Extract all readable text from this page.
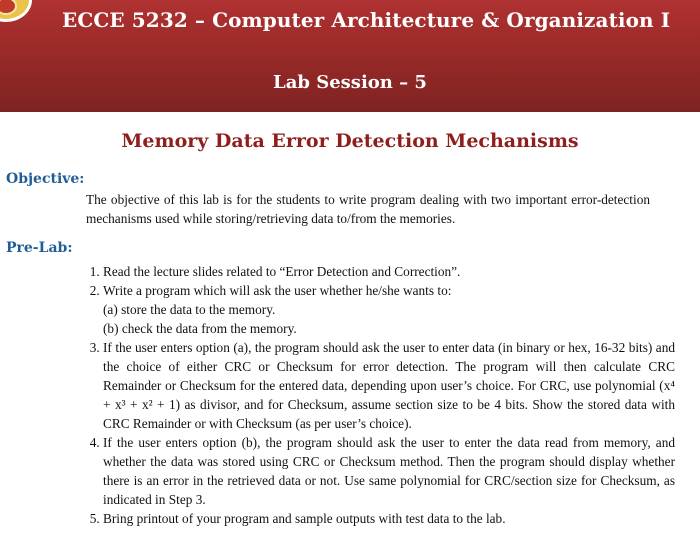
ECCE 5232 – Computer Architecture & Organization I
Lab Session – 5
Memory Data Error Detection Mechanisms
Objective:
The objective of this lab is for the students to write program dealing with two important error-detection mechanisms used while storing/retrieving data to/from the memories.
Pre-Lab:
1. Read the lecture slides related to “Error Detection and Correction”.
2. Write a program which will ask the user whether he/she wants to:
(a) store the data to the memory.
(b) check the data from the memory.
3. If the user enters option (a), the program should ask the user to enter data (in binary or hex, 16-32 bits) and the choice of either CRC or Checksum for error detection. The program will then calculate CRC Remainder or Checksum for the entered data, depending upon user’s choice. For CRC, use polynomial (x⁴ + x³ + x² + 1) as divisor, and for Checksum, assume section size to be 4 bits. Show the stored data with CRC Remainder or with Checksum (as per user’s choice).
4. If the user enters option (b), the program should ask the user to enter the data read from memory, and whether the data was stored using CRC or Checksum method. Then the program should display whether there is an error in the retrieved data or not. Use same polynomial for CRC/section size for Checksum, as indicated in Step 3.
5. Bring printout of your program and sample outputs with test data to the lab.
